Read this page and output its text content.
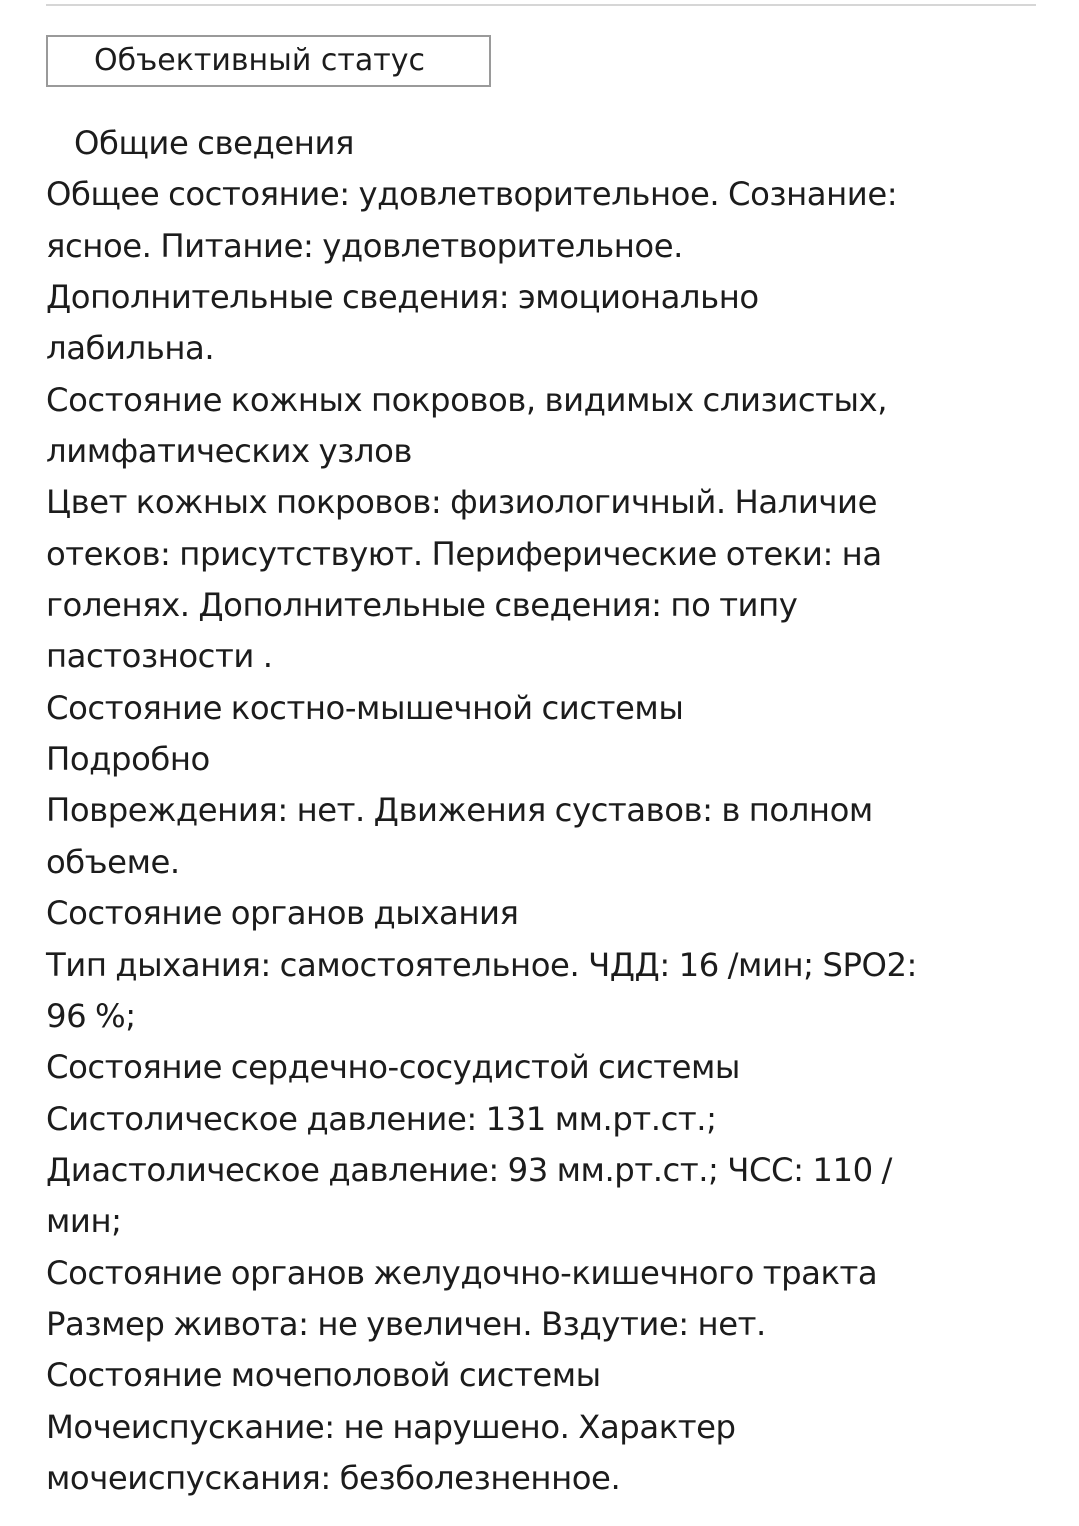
Объективный статус
Общие сведения
Общее состояние: удовлетворительное. Сознание:
ясное. Питание: удовлетворительное.
Дополнительные сведения: эмоционально
лабильна.
Состояние кожных покровов, видимых слизистых,
лимфатических узлов
Цвет кожных покровов: физиологичный. Наличие
отеков: присутствуют. Периферические отеки: на
голенях. Дополнительные сведения: по типу
пастозности .
Состояние костно-мышечной системы
Подробно
Повреждения: нет. Движения суставов: в полном
объеме.
Состояние органов дыхания
Тип дыхания: самостоятельное. ЧДД: 16 /мин; SPO2:
96 %;
Состояние сердечно-сосудистой системы
Систолическое давление: 131 мм.рт.ст.;
Диастолическое давление: 93 мм.рт.ст.; ЧСС: 110 /
мин;
Состояние органов желудочно-кишечного тракта
Размер живота: не увеличен. Вздутие: нет.
Состояние мочеполовой системы
Мочеиспускание: не нарушено. Характер
мочеиспускания: безболезненное.
